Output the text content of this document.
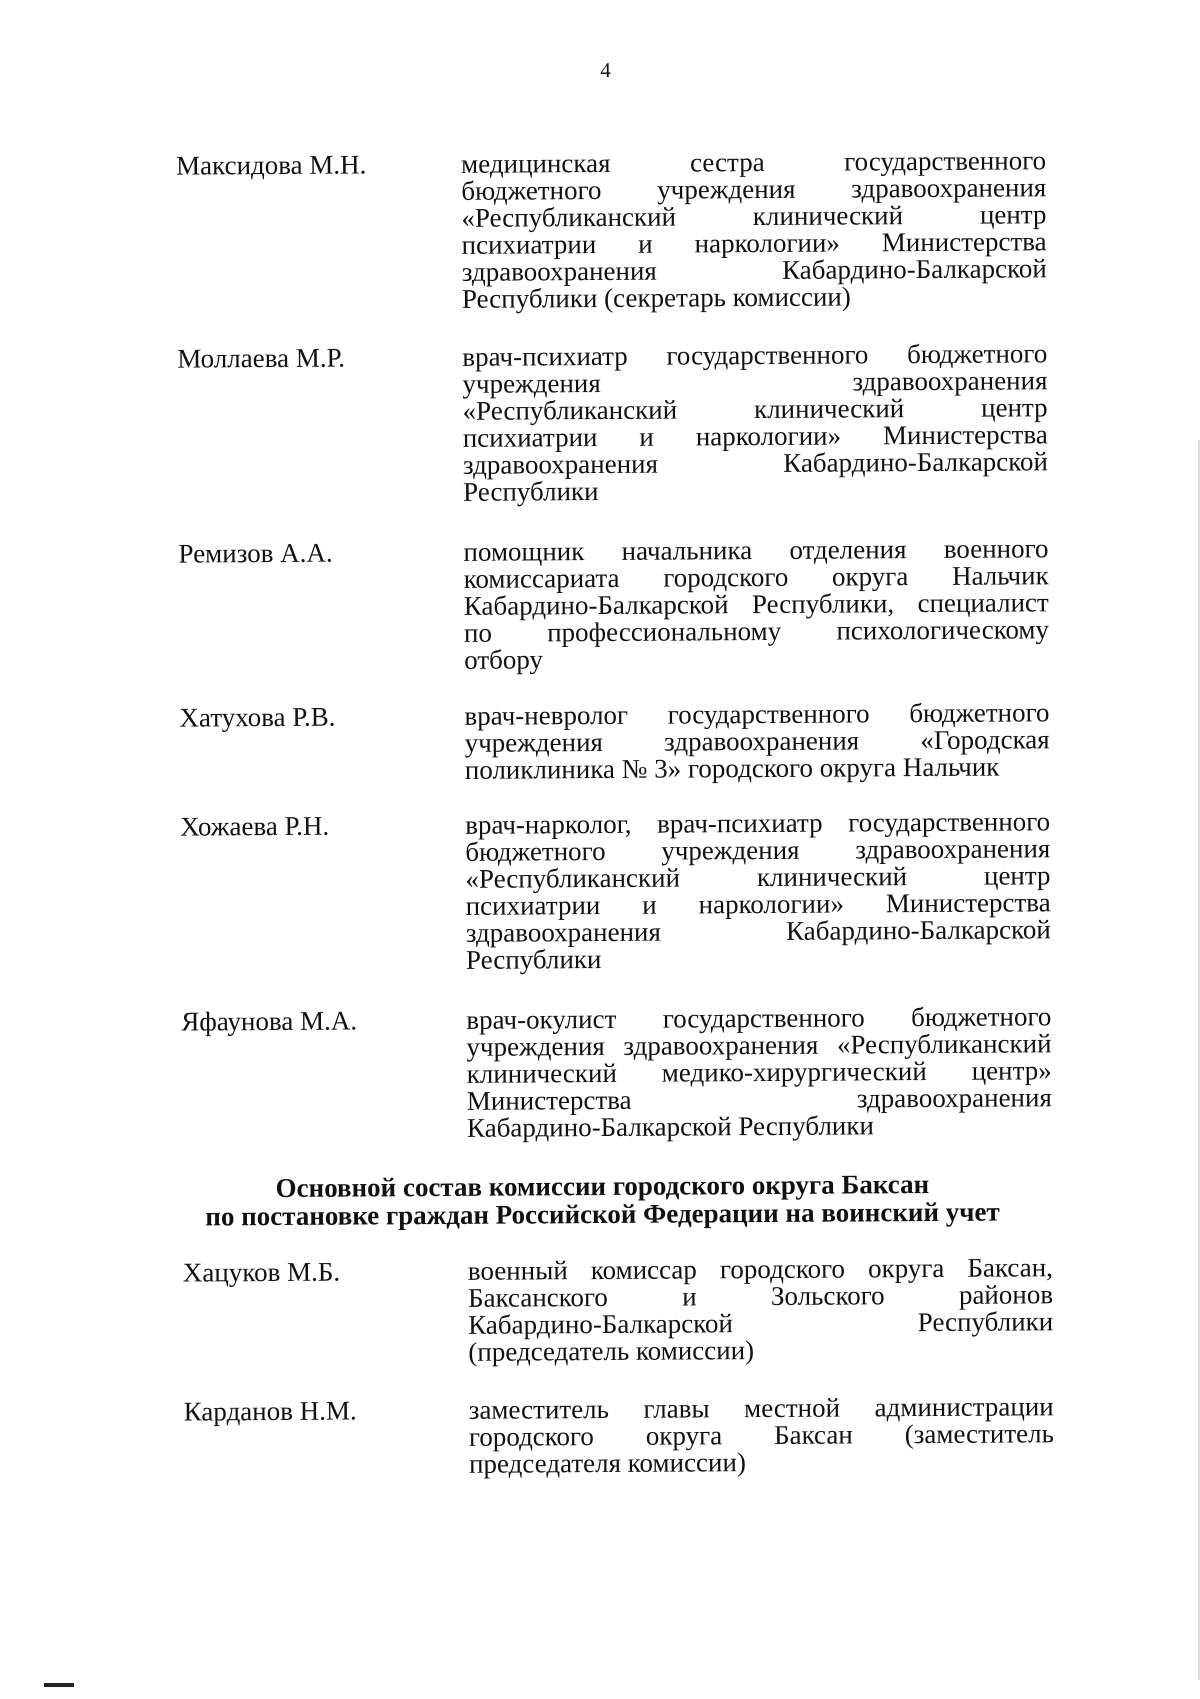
4
Максидова М.Н.	медицинская сестра государственного
бюджетного учреждения здравоохранения
«Республиканский клинический центр
психиатрии и наркологии» Министерства
здравоохранения Кабардино-Балкарской
Республики (секретарь комиссии)
Моллаева М.Р.	врач-психиатр государственного бюджетного
учреждения здравоохранения
«Республиканский клинический центр
психиатрии и наркологии» Министерства
здравоохранения Кабардино-Балкарской
Республики
Ремизов А.А.	помощник начальника отделения военного
комиссариата городского округа Нальчик
Кабардино-Балкарской Республики, специалист
по профессиональному психологическому
отбору
Хатухова Р.В.	врач-невролог государственного бюджетного
учреждения здравоохранения «Городская
поликлиника № 3» городского округа Нальчик
Хожаева Р.Н.	врач-нарколог, врач-психиатр государственного
бюджетного учреждения здравоохранения
«Республиканский клинический центр
психиатрии и наркологии» Министерства
здравоохранения Кабардино-Балкарской
Республики
Яфаунова М.А.	врач-окулист государственного бюджетного
учреждения здравоохранения «Республиканский
клинический медико-хирургический центр»
Министерства здравоохранения
Кабардино-Балкарской Республики
Основной состав комиссии городского округа Баксан
по постановке граждан Российской Федерации на воинский учет
Хацуков М.Б.	военный комиссар городского округа Баксан,
Баксанского и Зольского районов
Кабардино-Балкарской Республики
(председатель комиссии)
Карданов Н.М.	заместитель главы местной администрации
городского округа Баксан (заместитель
председателя комиссии)
